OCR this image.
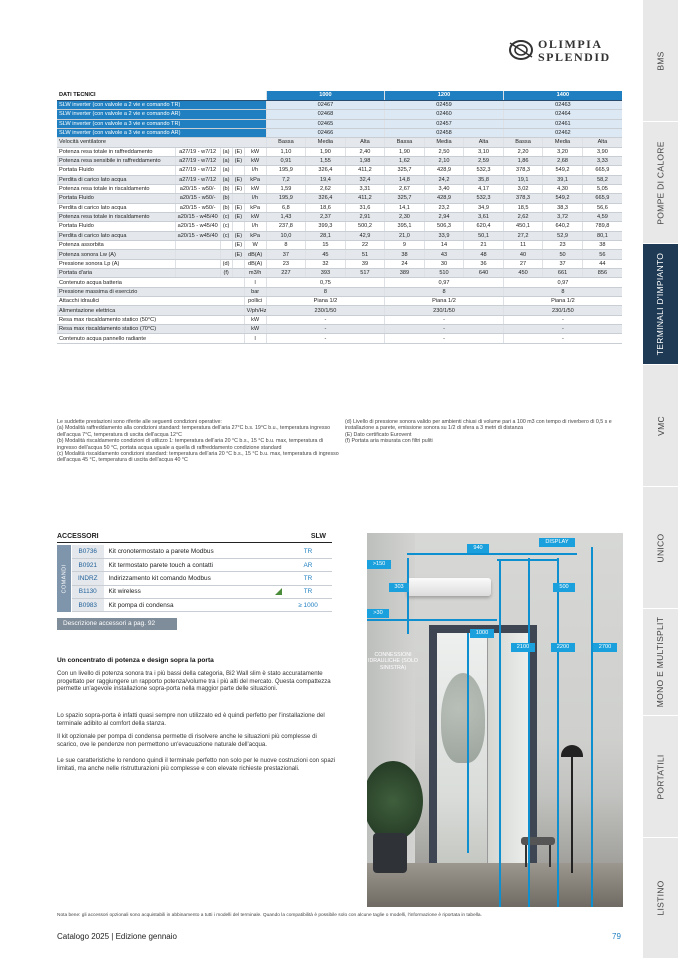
BMS
POMPE DI CALORE
TERMINALI D'IMPIANTO
VMC
UNICO
MONO E MULTISPLIT
PORTATILI
LISTINO
OLIMPIA
SPLENDID
DATI TECNICI					1000			1200			1400		
SLW inverter (con valvole a 2 vie e comando TR)					02467			02459			02463		
SLW inverter (con valvole a 2 vie e comando AR)					02468			02460			02464		
SLW inverter (con valvole a 3 vie e comando TR)					02465			02457			02461		
SLW inverter (con valvole a 3 vie e comando AR)					02466			02458			02462		
Velocità ventilatore					Bassa	Media	Alta	Bassa	Media	Alta	Bassa	Media	Alta
Potenza resa totale in raffreddamento	a27/19 - w7/12	(a)	(E)	kW	1,10	1,90	2,40	1,90	2,50	3,10	2,20	3,20	3,90
Potenza resa sensibile in raffreddamento	a27/19 - w7/12	(a)	(E)	kW	0,91	1,55	1,98	1,62	2,10	2,59	1,86	2,68	3,33
Portata Fluido	a27/19 - w7/12	(a)		l/h	195,9	326,4	411,2	325,7	428,9	532,3	378,3	549,2	665,9
Perdita di carico lato acqua	a27/19 - w7/12	(a)	(E)	kPa	7,2	19,4	32,4	14,8	24,2	35,8	19,1	39,1	58,2
Potenza resa totale in riscaldamento	a20/15 - w50/-	(b)	(E)	kW	1,59	2,62	3,31	2,67	3,40	4,17	3,02	4,30	5,05
Portata Fluido	a20/15 - w50/-	(b)		l/h	195,9	326,4	411,2	325,7	428,9	532,3	378,3	549,2	665,9
Perdita di carico lato acqua	a20/15 - w50/-	(b)	(E)	kPa	6,8	18,6	31,6	14,1	23,2	34,9	18,5	38,3	56,6
Potenza resa totale in riscaldamento	a20/15 - w45/40	(c)	(E)	kW	1,43	2,37	2,91	2,30	2,94	3,61	2,62	3,72	4,59
Portata Fluido	a20/15 - w45/40	(c)		l/h	237,8	399,3	500,2	395,1	506,3	620,4	450,1	640,2	789,8
Perdita di carico lato acqua	a20/15 - w45/40	(c)	(E)	kPa	10,0	28,1	42,9	21,0	33,9	50,1	27,2	52,9	80,1
Potenza assorbita			(E)	W	8	15	22	9	14	21	11	23	38
Potenza sonora Lw (A)			(E)	dB(A)	37	45	51	38	43	48	40	50	56
Pressione sonora Lp (A)		(d)		dB(A)	23	32	39	24	30	36	27	37	44
Portata d'aria		(f)		m3/h	227	393	517	389	510	640	450	661	856
Contenuto acqua batteria				l	0,75			0,97			0,97		
Pressione massima di esercizio				bar	8			8			8		
Attacchi idraulici				pollici	Piana 1/2			Piana 1/2			Piana 1/2		
Alimentazione elettrica				V/ph/Hz	230/1/50			230/1/50			230/1/50		
Resa max riscaldamento statico (50°C)				kW	-			-			-		
Resa max riscaldamento statico (70°C)				kW	-			-			-		
Contenuto acqua pannello radiante				l	-			-			-		

Le suddette prestazioni sono riferite alle seguenti condizioni operative:

(a) Modalità raffreddamento alla condizioni standard: temperatura dell'aria 27°C b.s. 19°C b.u., temperatura ingresso dell'acqua 7°C, temperatura di uscita dell'acqua 12°C

(b) Modalità riscaldamento condizioni di utilizzo 1: temperatura dell'aria 20 °C b.s., 15 °C b.u. max, temperatura di ingresso dell'acqua 50 °C, portata acqua uguale a quella di raffreddamento condizione standard

(c) Modalità riscaldamento condizioni standard: temperatura dell'aria 20 °C b.s., 15 °C b.u. max, temperatura di ingresso dell'acqua 45 °C, temperatura di uscita dell'acqua 40 °C

(d) Livello di pressione sonora valido per ambienti chiusi di volume pari a 100 m3 con tempo di riverbero di 0,5 s e installazione a parete, emissione sonora su 1/2 di sfera a 3 metri di distanza

(E) Dato certificato Eurovent

(f) Portata aria misurata con filtri puliti

ACCESSORI	SLW
COMANDI
B0736	Kit cronotermostato a parete Modbus	TR
B0921	Kit termostato parete touch a contatti	AR
INDRZ	Indirizzamento kit comando Modbus	TR
B1130	Kit wireless	TR
B0983	Kit pompa di condensa	≥ 1000
Descrizione accessori a pag. 92
Un concentrato di potenza e design sopra la porta

Con un livello di potenza sonora tra i più bassi della categoria, Bi2 Wall slim è stato accuratamente progettato per raggiungere un rapporto potenza/volume tra i più alti del mercato. Questa compattezza permette un'agevole installazione sopra-porta nella maggior parte delle situazioni.

Lo spazio sopra-porta è infatti quasi sempre non utilizzato ed è quindi perfetto per l'installazione del terminale adibito al comfort della stanza.

Il kit opzionale per pompa di condensa permette di risolvere anche le situazioni più complesse di scarico, ove le pendenze non permettono un'evacuazione naturale dell'acqua.

Le sue caratteristiche lo rendono quindi il terminale perfetto non solo per le nuove costruzioni con spazi limitati, ma anche nelle ristrutturazioni più complesse e con elevate richieste prestazionali.

940
DISPLAY
>150
303	500
>30
1000
2100	2200	2700
CONNESSIONI IDRAULICHE (SOLO SINISTRA)
Nota bene: gli accessori opzionali sono acquistabili in abbinamento a tutti i modelli del terminale. Quando la compatibilità è possibile solo con alcune taglie o modelli, l'informazione è riportata in tabella.
Catalogo 2025 | Edizione gennaio	79
